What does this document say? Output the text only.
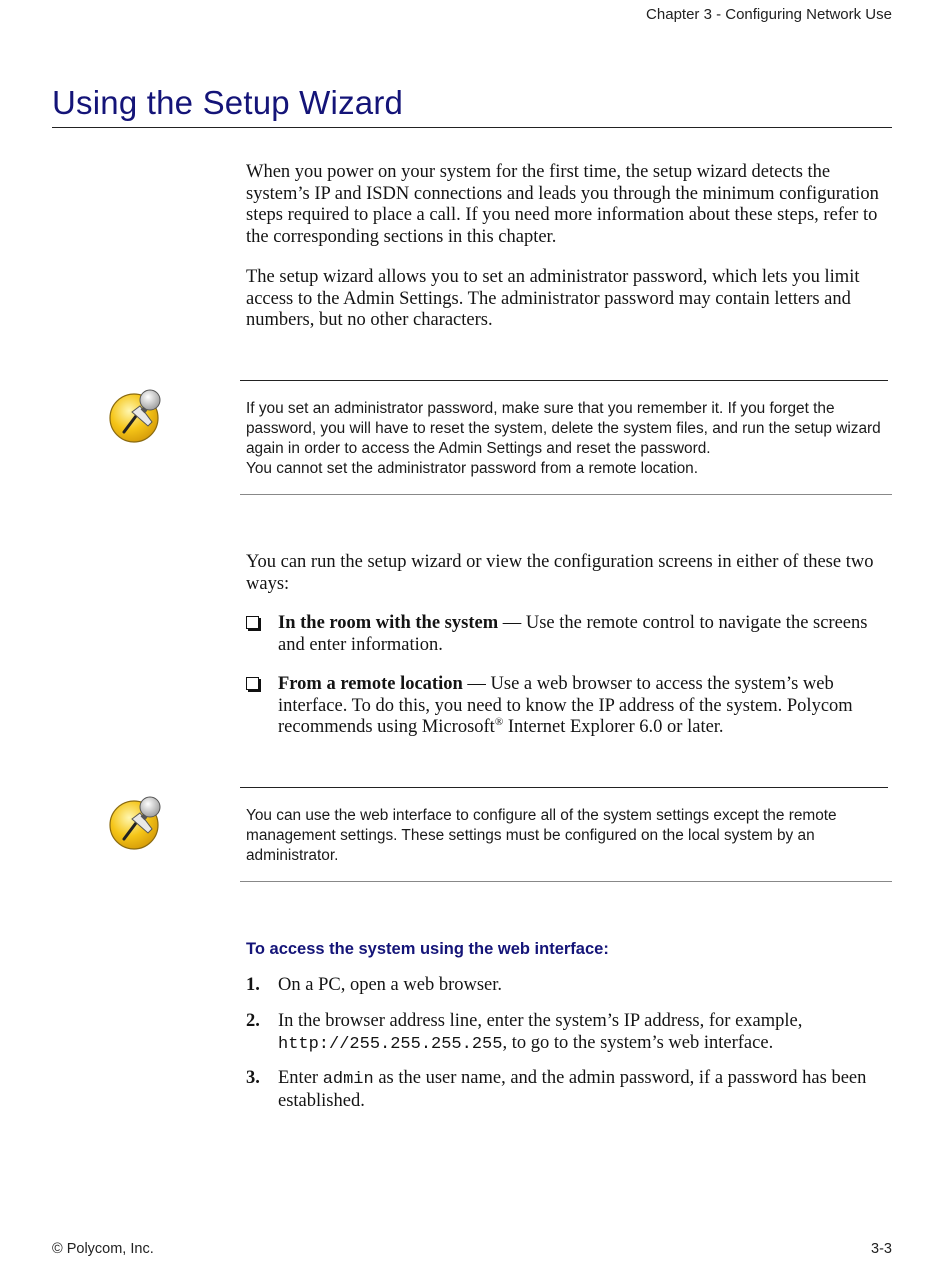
Chapter 3 - Configuring Network Use
Using the Setup Wizard

When you power on your system for the first time, the setup wizard detects the system’s IP and ISDN connections and leads you through the minimum configuration steps required to place a call. If you need more information about these steps, refer to the corresponding sections in this chapter.

The setup wizard allows you to set an administrator password, which lets you limit access to the Admin Settings. The administrator password may contain letters and numbers, but no other characters.

If you set an administrator password, make sure that you remember it. If you forget the password, you will have to reset the system, delete the system files, and run the setup wizard again in order to access the Admin Settings and reset the password.
You cannot set the administrator password from a remote location.

You can run the setup wizard or view the configuration screens in either of these two ways:

In the room with the system — Use the remote control to navigate the screens and enter information.
From a remote location — Use a web browser to access the system’s web interface. To do this, you need to know the IP address of the system. Polycom recommends using Microsoft® Internet Explorer 6.0 or later.
You can use the web interface to configure all of the system settings except the remote management settings. These settings must be configured on the local system by an administrator.
To access the system using the web interface:
1. On a PC, open a web browser.
2. In the browser address line, enter the system’s IP address, for example, http://255.255.255.255, to go to the system’s web interface.
3. Enter admin as the user name, and the admin password, if a password has been established.
© Polycom, Inc.	3-3
